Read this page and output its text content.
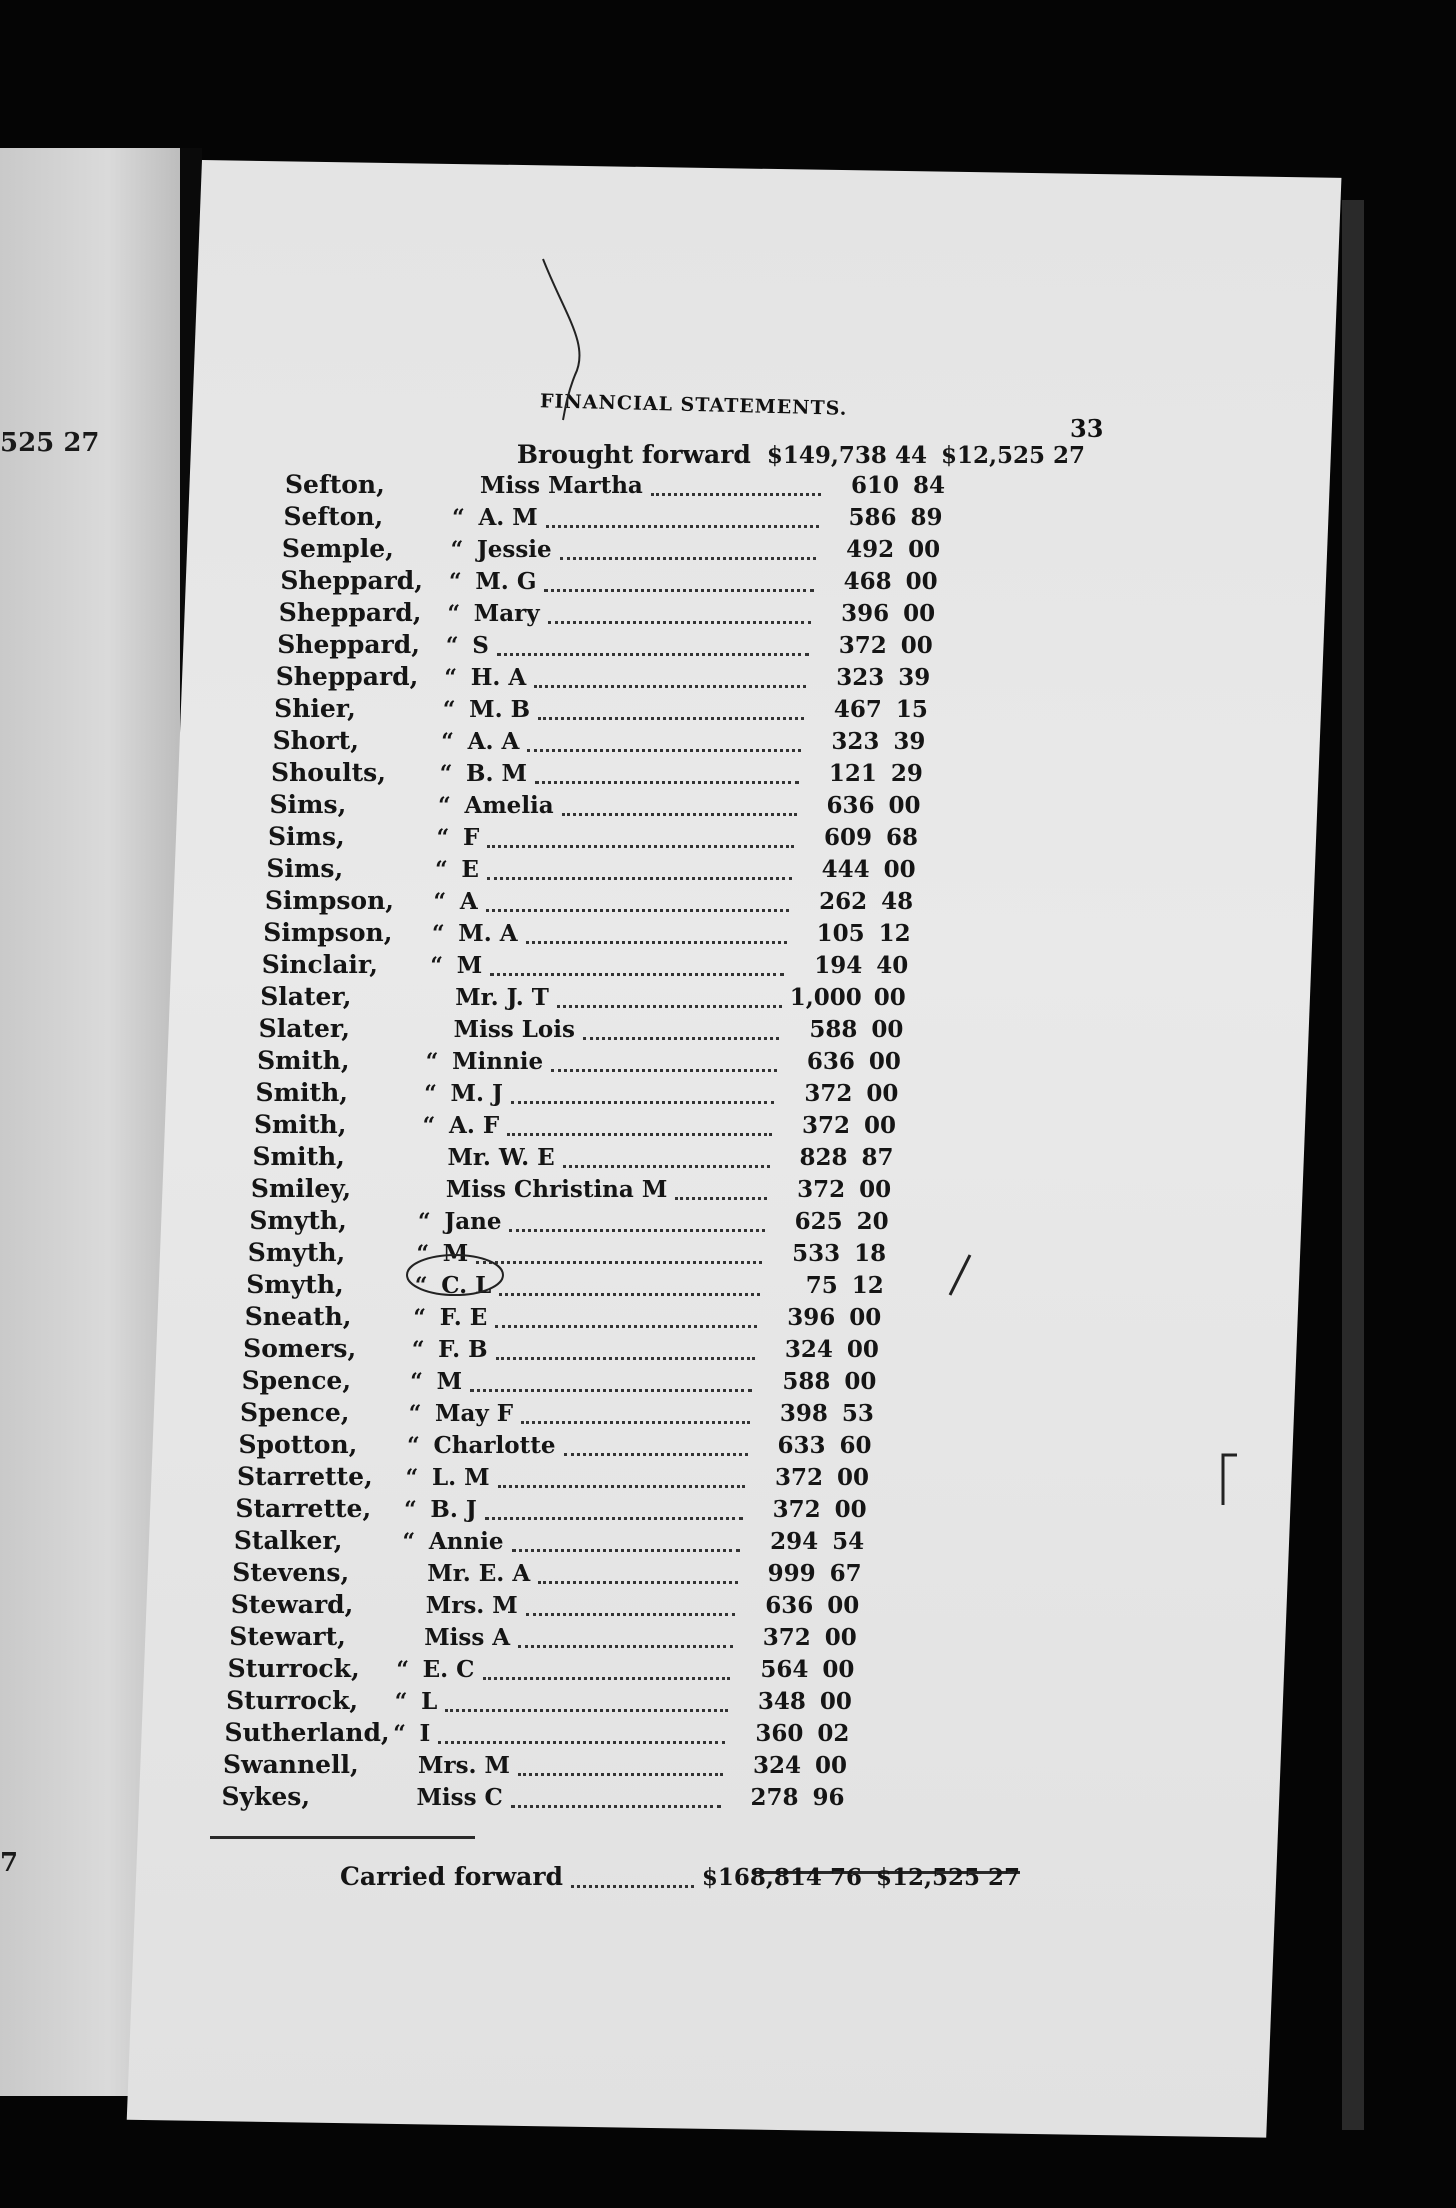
525 27
7
FINANCIAL STATEMENTS.
33
Brought forward $149,738 44 $12,525 27
Sefton,	Miss Martha	610 84
Sefton,	“ A. M	586 89
Semple,	“ Jessie	492 00
Sheppard,	“ M. G	468 00
Sheppard,	“ Mary	396 00
Sheppard,	“ S	372 00
Sheppard,	“ H. A	323 39
Shier,	“ M. B	467 15
Short,	“ A. A	323 39
Shoults,	“ B. M	121 29
Sims,	“ Amelia	636 00
Sims,	“ F	609 68
Sims,	“ E	444 00
Simpson,	“ A	262 48
Simpson,	“ M. A	105 12
Sinclair,	“ M	194 40
Slater,	Mr. J. T	1,000 00
Slater,	Miss Lois	588 00
Smith,	“ Minnie	636 00
Smith,	“ M. J	372 00
Smith,	“ A. F	372 00
Smith,	Mr. W. E	828 87
Smiley,	Miss Christina M	372 00
Smyth,	“ Jane	625 20
Smyth,	“ M	533 18
Smyth,	“ C. L	75 12
Sneath,	“ F. E	396 00
Somers,	“ F. B	324 00
Spence,	“ M	588 00
Spence,	“ May F	398 53
Spotton,	“ Charlotte	633 60
Starrette,	“ L. M	372 00
Starrette,	“ B. J	372 00
Stalker,	“ Annie	294 54
Stevens,	Mr. E. A	999 67
Steward,	Mrs. M	636 00
Stewart,	Miss A	372 00
Sturrock,	“ E. C	564 00
Sturrock,	“ L	348 00
Sutherland, “ I	360 02
Swannell,	Mrs. M	324 00
Sykes,	Miss C	278 96
Carried forward	$168,814 76 $12,525 27
